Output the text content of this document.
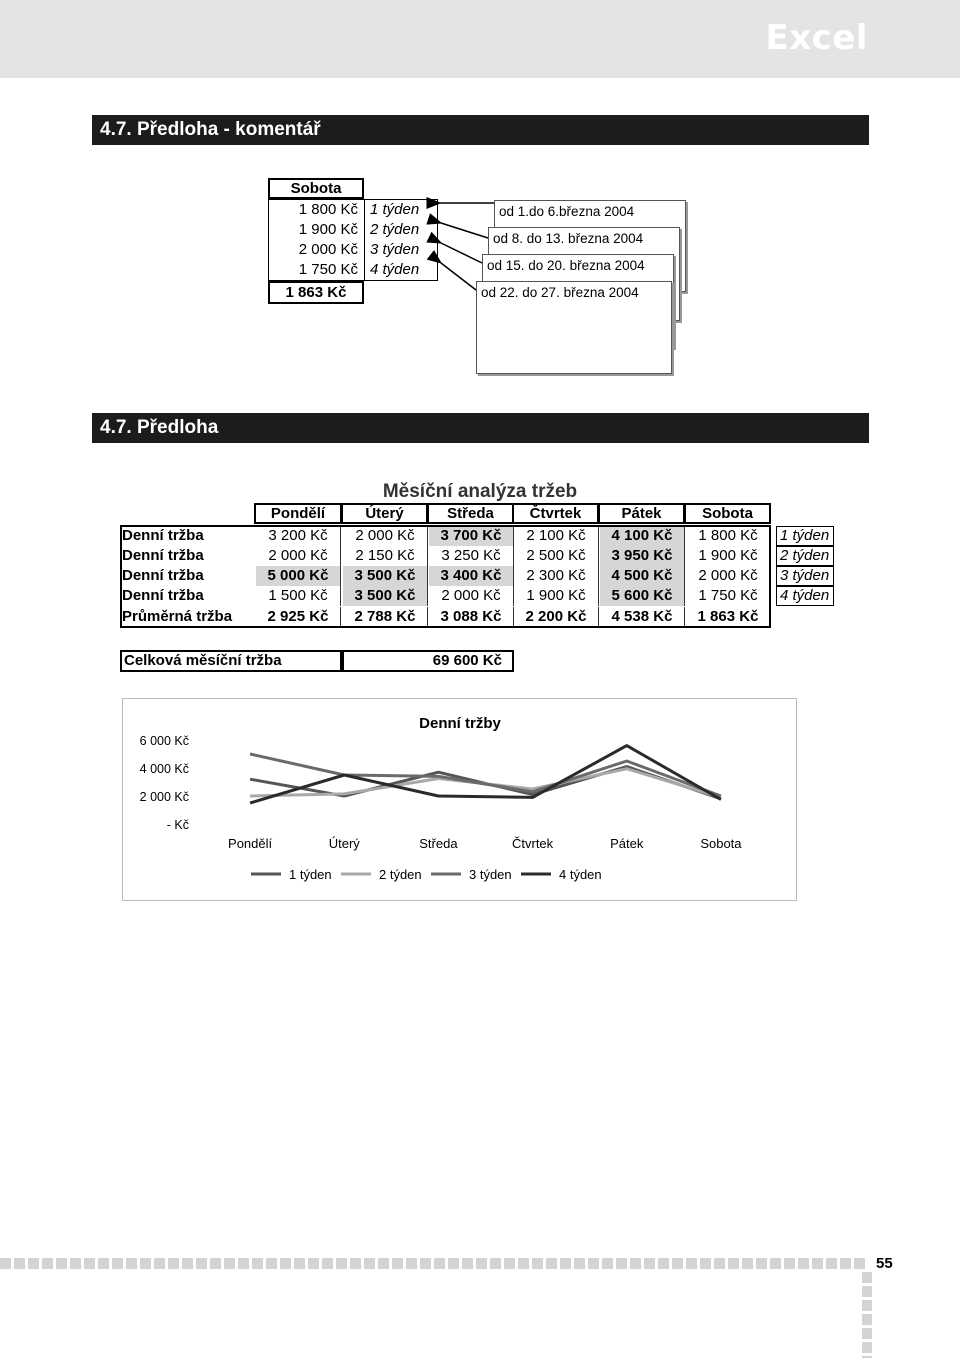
Excel
4.7. Předloha - komentář
Sobota
1 800 Kč 1 týden
1 900 Kč 2 týden
2 000 Kč 3 týden
1 750 Kč 4 týden
1 863 Kč
od 1.do 6.března 2004
od 8. do 13. března 2004
od 15. do 20. března 2004
od 22. do 27. března 2004
4.7. Předloha
Měsíční analýza tržeb
Pondělí	Úterý	Středa	Čtvrtek	Pátek	Sobota
Denní tržba	3 200 Kč	2 000 Kč	3 700 Kč	2 100 Kč	4 100 Kč	1 800 Kč	1 týden
Denní tržba	2 000 Kč	2 150 Kč	3 250 Kč	2 500 Kč	3 950 Kč	1 900 Kč	2 týden
Denní tržba	5 000 Kč	3 500 Kč	3 400 Kč	2 300 Kč	4 500 Kč	2 000 Kč	3 týden
Denní tržba	1 500 Kč	3 500 Kč	2 000 Kč	1 900 Kč	5 600 Kč	1 750 Kč	4 týden
Průměrná tržba	2 925 Kč	2 788 Kč	3 088 Kč	2 200 Kč	4 538 Kč	1 863 Kč
Celková měsíční tržba	69 600 Kč
Denní tržby
6 000 Kč
4 000 Kč
2 000 Kč
- Kč
Pondělí	Úterý	Středa	Čtvrtek	Pátek	Sobota
1 týden	2 týden	3 týden	4 týden
55
